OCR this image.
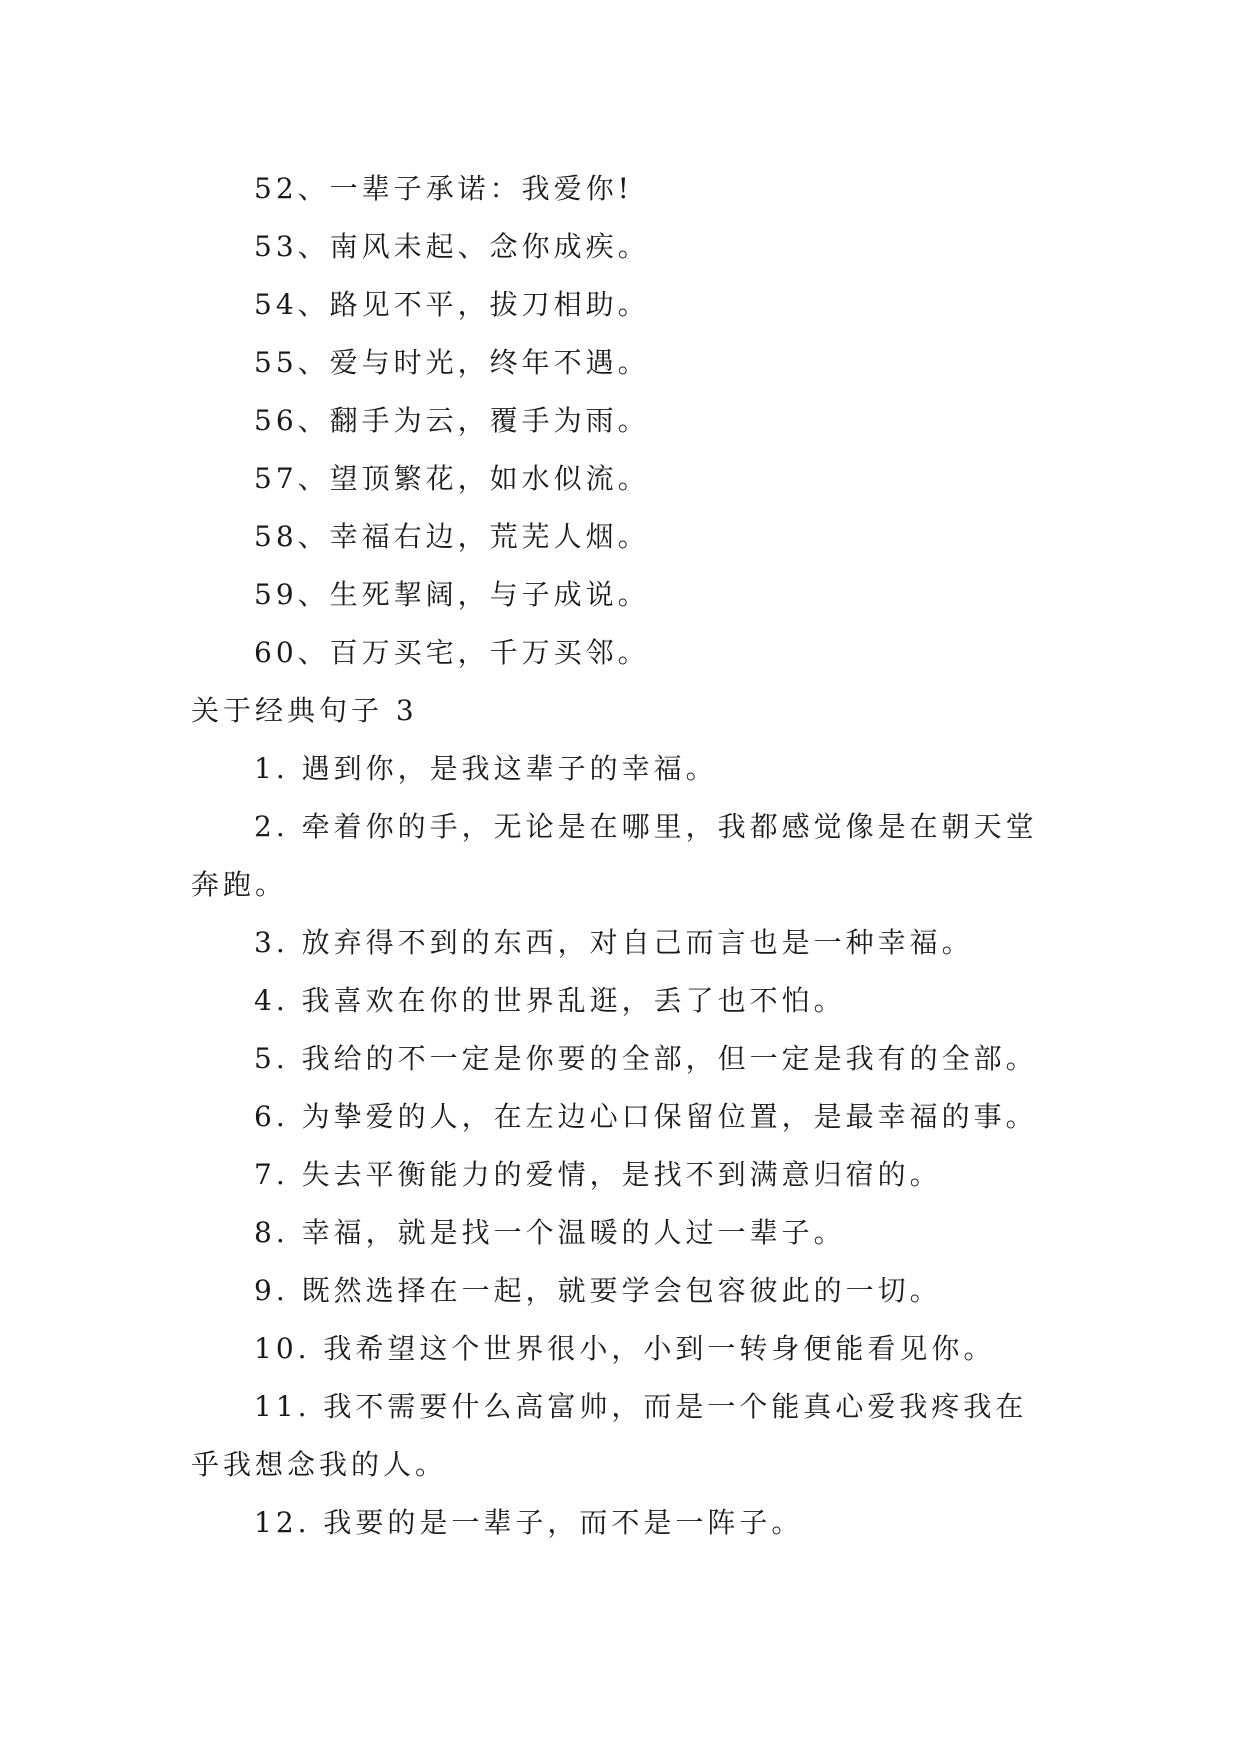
52、一辈子承诺：我爱你!
53、南风未起、念你成疾。
54、路见不平，拔刀相助。
55、爱与时光，终年不遇。
56、翻手为云，覆手为雨。
57、望顶繁花，如水似流。
58、幸福右边，荒芜人烟。
59、生死挈阔，与子成说。
60、百万买宅，千万买邻。
关于经典句子 3
1. 遇到你，是我这辈子的幸福。
2. 牵着你的手，无论是在哪里，我都感觉像是在朝天堂
奔跑。
3. 放弃得不到的东西，对自己而言也是一种幸福。
4. 我喜欢在你的世界乱逛，丢了也不怕。
5. 我给的不一定是你要的全部，但一定是我有的全部。
6. 为挚爱的人，在左边心口保留位置，是最幸福的事。
7. 失去平衡能力的爱情，是找不到满意归宿的。
8. 幸福，就是找一个温暖的人过一辈子。
9. 既然选择在一起，就要学会包容彼此的一切。
10. 我希望这个世界很小，小到一转身便能看见你。
11. 我不需要什么高富帅，而是一个能真心爱我疼我在
乎我想念我的人。
12. 我要的是一辈子，而不是一阵子。
